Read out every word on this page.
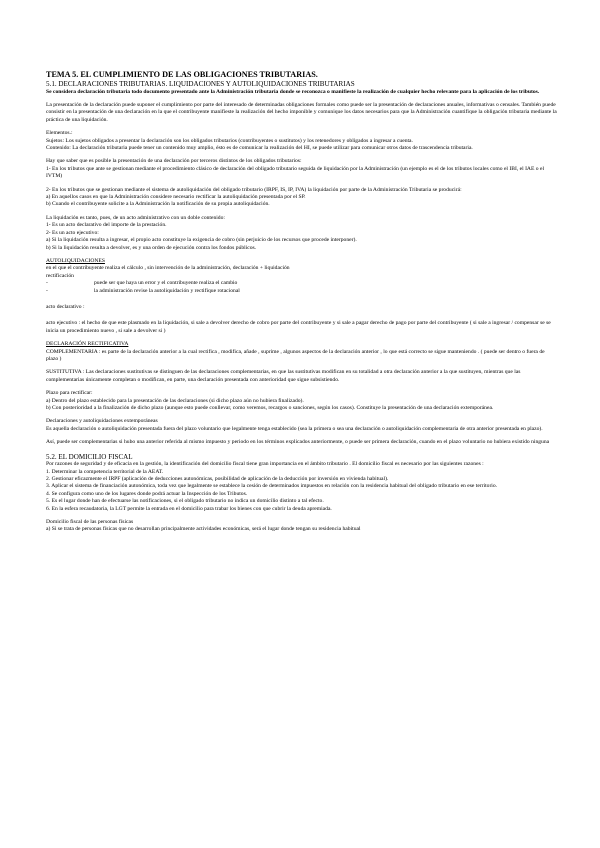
TEMA 5. EL CUMPLIMIENTO DE LAS OBLIGACIONES TRIBUTARIAS.

5.1. DECLARACIONES TRIBUTARIAS. LIQUIDACIONES Y AUTOLIQUIDACIONES TRIBUTARIAS

Se considera declaración tributaria todo documento presentado ante la Administración tributaria donde se reconozca o manifieste la realización de cualquier hecho relevante para la aplicación de los tributos.

La presentación de la declaración puede suponer el cumplimiento por parte del interesado de determinadas obligaciones formales como puede ser la presentación de declaraciones anuales, informativas o censales. También puede consistir en la presentación de una declaración en la que el contribuyente manifieste la realización del hecho imponible y comunique los datos necesarios para que la Administración cuantifique la obligación tributaria mediante la práctica de una liquidación.

Elementos.:

Sujetos: Los sujetos obligados a presentar la declaración son los obligados tributarios (contribuyentes o sustitutos) y los retenedores y obligados a ingresar a cuenta.

Contenido: La declaración tributaria puede tener un contenido muy amplio, ésto es de comunicar la realización del HI, se puede utilizar para comunicar otros datos de trascendencia tributaria.

Hay que saber que es posible la presentación de una declaración por terceros distintos de los obligados tributarios:

1- En los tributos que ante se gestionan mediante el procedimiento clásico de declaración del obligado tributario seguida de liquidación por la Administración (un ejemplo es el de los tributos locales como el IBI, el IAE o el IVTM)

2- En los tributos que se gestionan mediante el sistema de autoliquidación del obligado tributario (IRPF, IS, IP, IVA) la liquidación por parte de la Administración Tributaria se producirá:

a) En aquellos casos en que la Administración considere necesario rectificar la autoliquidación presentada por el SP.

b) Cuando el contribuyente solicite a la Administración la notificación de su propia autoliquidación.

La liquidación es tanto, pues, de un acto administrativo con un doble contenido:

1- Es un acto declarativo del importe de la prestación.

2- Es un acto ejecutivo:

a) Si la liquidación resulta a ingresar, el propio acto constituye la exigencia de cobro (sin perjuicio de los recursos que procede interponer).

b) Si la liquidación resulta a devolver, es y una orden de ejecución contra los fondos públicos.

AUTOLIQUIDACIONES

en el que el contribuyente realiza el cálculo , sin intervención de la administración, declaración + liquidación

rectificación

-	puede ser que haya un error y el contribuyente realiza el cambio
-	la administración revise la autoliquidación y rectifique rotacional

acto declarativo :

acto ejecutivo : el hecho de que este plasmado en la liquidación, si sale a devolver derecho de cobro por parte del contribuyente y si sale a pagar derecho de pago por parte del contribuyente ( si sale a ingresar / compensar se se inicia un procedimiento nuevo , si sale a devolver si )

DECLARACIÓN RECTIFICATIVA

COMPLEMENTARIA : es parte de la declaración anterior a la cual rectifica , modifica, añade , suprime , algunos aspectos de la declaración anterior , lo que está correcto se sigue manteniendo . ( puede ser dentro o fuera de plazo )

SUSTITUTIVA : Las declaraciones sustitutivas se distinguen de las declaraciones complementarias, en que las sustitutivas modifican en su totalidad a otra declaración anterior a la que sustituyen, mientras que las complementarias únicamente completan o modifican, en parte, una declaración presentada con anterioridad que sigue subsistiendo.

Plazo para rectificar:

a) Dentro del plazo establecido para la presentación de las declaraciones (si dicho plazo aún no hubiera finalizado).

b) Con posterioridad a la finalización de dicho plazo (aunque esto puede conllevar, como veremos, recargos o sanciones, según los casos). Constituye la presentación de una declaración extemporánea.

Declaraciones y autoliquidaciones extemporáneas

Es aquella declaración o autoliquidación presentada fuera del plazo voluntario que legalmente tenga establecido (sea la primera o sea una declaración o autoliquidación complementaria de otra anterior presentada en plazo).

Así, puede ser complementarias si hubo una anterior referida al mismo impuesto y periodo en los términos explicados anteriormente, o puede ser primera declaración, cuando en el plazo voluntario no hubiera existido ninguna

5.2. EL DOMICILIO FISCAL

Por razones de seguridad y de eficacia en la gestión, la identificación del domicilio fiscal tiene gran importancia en el ámbito tributario . El domicilio fiscal es necesario por las siguientes razones :

1. Determinar la competencia territorial de la AEAT.

2. Gestionar eficazmente el IRPF (aplicación de deducciones autonómicas, posibilidad de aplicación de la deducción por inversión en vivienda habitual).

3. Aplicar el sistema de financiación autonómica, toda vez que legalmente se establece la cesión de determinados impuestos en relación con la residencia habitual del obligado tributario en ese territorio.

4. Se configura como uno de los lugares donde podrá actuar la Inspección de los Tributos.

5. Es el lugar donde han de efectuarse las notificaciones, si el obligado tributario no indica un domicilio distinto a tal efecto.

6. En la esfera recaudatoria, la LGT permite la entrada en el domicilio para trabar los bienes con que cubrir la deuda apremiada.

Domicilio fiscal de las personas físicas

a) Si se trata de personas físicas que no desarrollan principalmente actividades económicas, será el lugar donde tengan su residencia habitual
